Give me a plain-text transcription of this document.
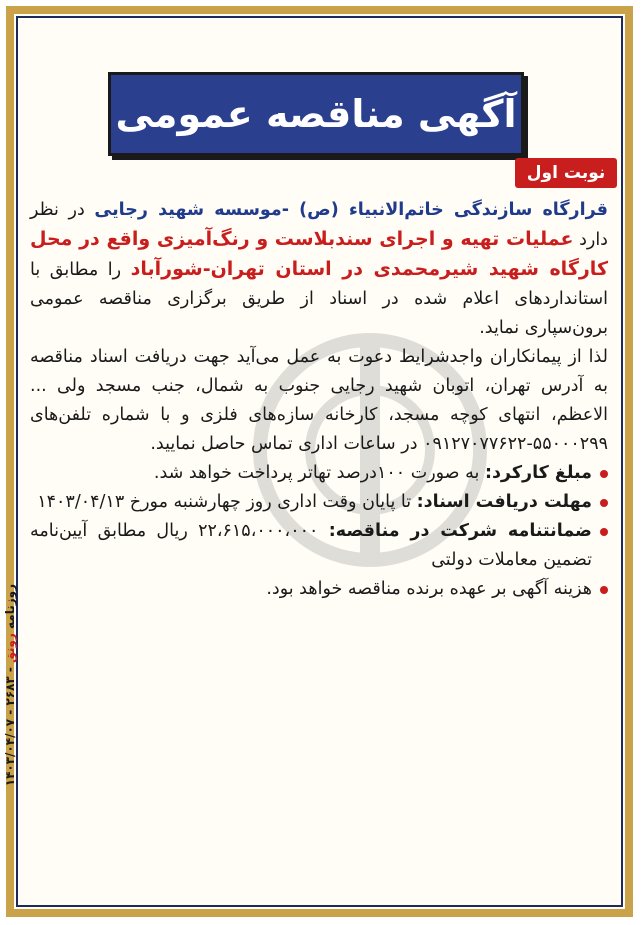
آگهی مناقصه عمومی
نوبت اول

قرارگاه سازندگی خاتم‌الانبیاء (ص) -موسسه شهید رجایی در نظر دارد عملیات تهیه و اجرای سندبلاست و رنگ‌آمیزی واقع در محل کارگاه شهید شیرمحمدی در استان تهران-شورآباد را مطابق با استانداردهای اعلام شده در اسناد از طریق برگزاری مناقصه عمومی برون‌سپاری نماید.

لذا از پیمانکاران واجدشرایط دعوت به عمل می‌آید جهت دریافت اسناد مناقصه به آدرس تهران، اتوبان شهید رجایی جنوب به شمال، جنب مسجد ولی ... الاعظم، انتهای کوچه مسجد، کارخانه سازه‌های فلزی و با شماره تلفن‌های ۵۵۰۰۰۲۹۹-۰۹۱۲۷۰۷۷۶۲۲ در ساعات اداری تماس حاصل نمایید.

مبلغ کارکرد: به صورت ۱۰۰درصد تهاتر پرداخت خواهد شد.

مهلت دریافت اسناد: تا پایان وقت اداری روز چهارشنبه مورخ ۱۴۰۳/۰۴/۱۳

ضمانتنامه شرکت در مناقصه: ۲۲،۶۱۵،۰۰۰،۰۰۰ ریال مطابق آیین‌نامه تضمین معاملات دولتی

هزینه آگهی بر عهده برنده مناقصه خواهد بود.

روزنامه رونق - ۲۶۸۳ - ۱۴۰۳/۰۴/۰۷
